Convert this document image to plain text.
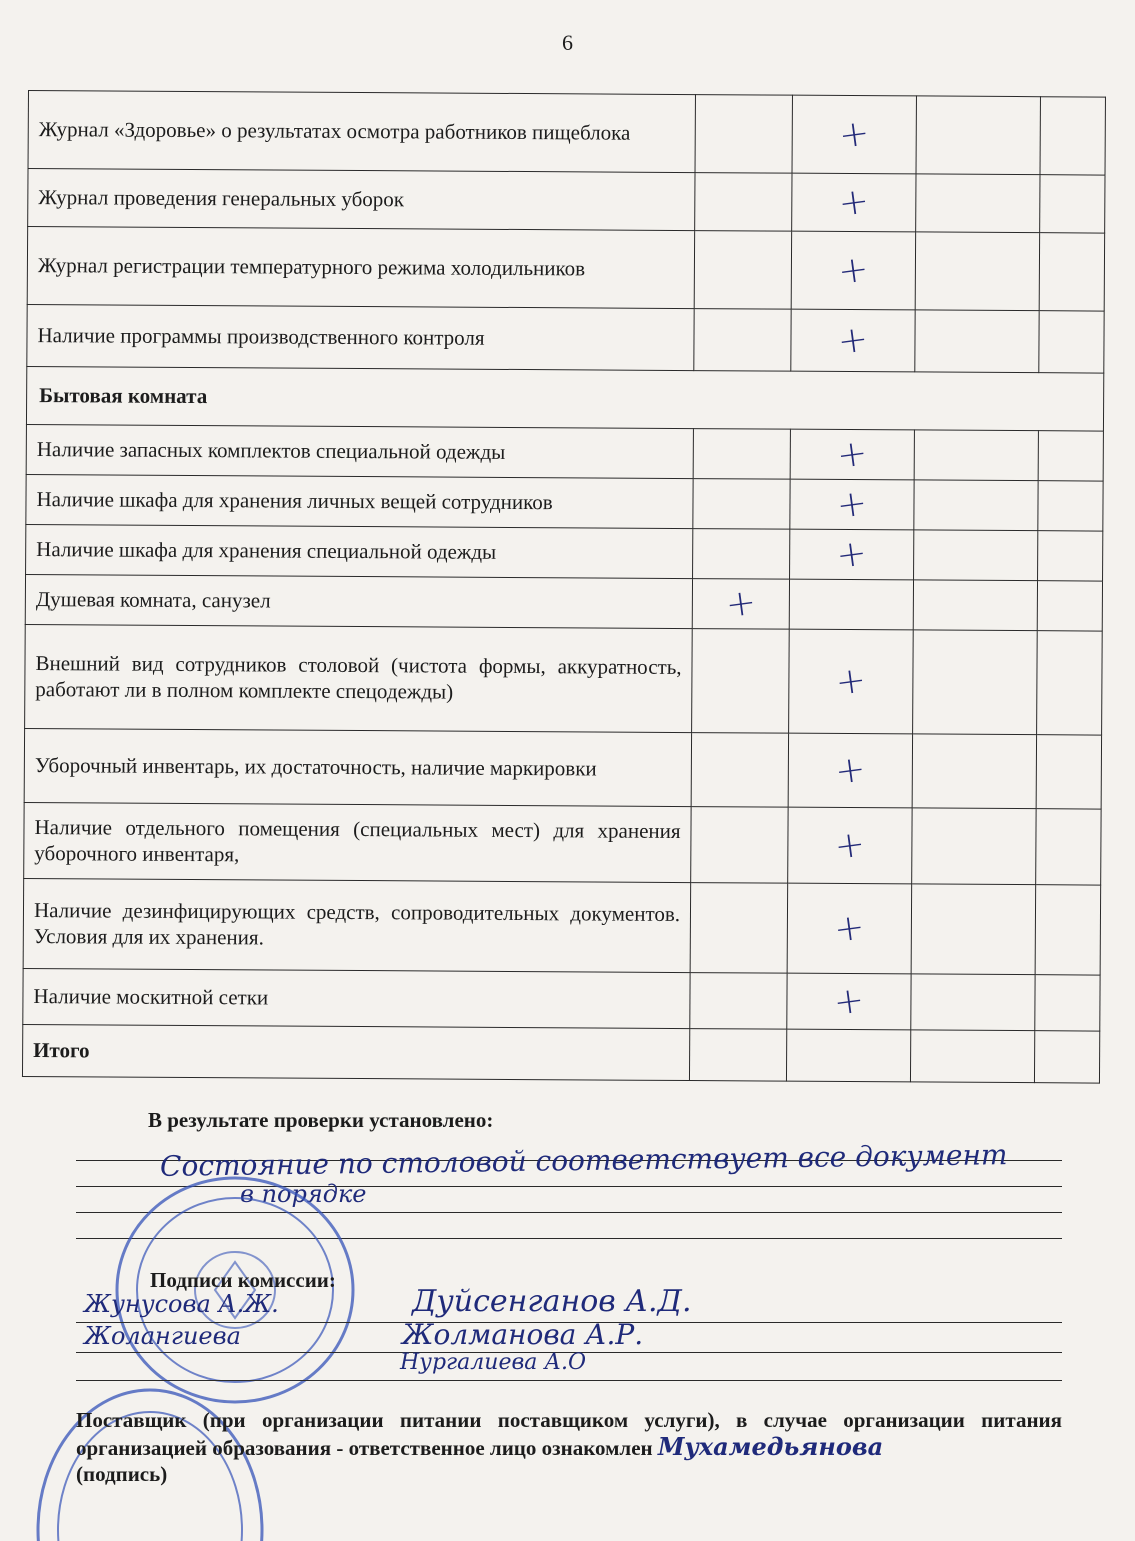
6
Журнал «Здоровье» о результатах осмотра работников пищеблока		+		

Журнал проведения генеральных уборок		+		

Журнал регистрации температурного режима холодильников		+		

Наличие программы производственного контроля		+		

Бытовая комната				
Наличие запасных комплектов специальной одежды		+		

Наличие шкафа для хранения личных вещей сотрудников		+		

Наличие шкафа для хранения специальной одежды		+		

Душевая комната, санузел	+			

Внешний вид сотрудников столовой (чистота формы, аккуратность, работают ли в полном комплекте спецодежды)		+		

Уборочный инвентарь, их достаточность, наличие маркировки		+		

Наличие отдельного помещения (специальных мест) для хранения уборочного инвентаря,		+		

Наличие дезинфицирующих средств, сопроводительных документов. Условия для их хранения.		+		

Наличие москитной сетки		+		

Итого				
В результате проверки установлено:
Состояние по столовой соответствует все документ
в порядке
Подписи комиссии:
Жунусова А.Ж.
Жолангиева
Дуйсенганов А.Д.
Жолманова А.Р.
Нургалиева А.О
Поставщик (при организации питании поставщиком услуги), в случае организации питания организацией образования - ответственное лицо ознакомлен Мухамедьянова
(подпись)
